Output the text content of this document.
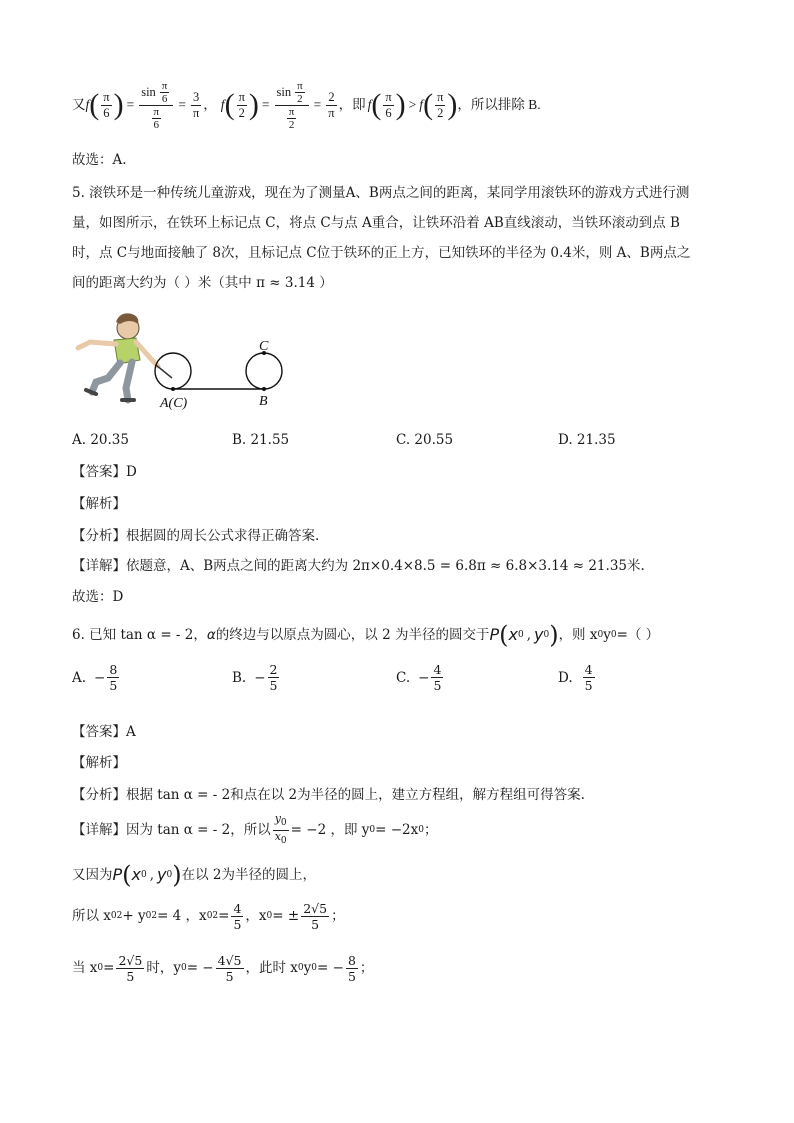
又 f ( $\frac{\pi}{6}$ ) = $\frac{\sin \frac{\pi}{6}}{\frac{\pi}{6}} = \frac{3}{\pi}$ ， f ( $\frac{\pi}{2}$ ) = $\frac{\sin \frac{\pi}{2}}{\frac{\pi}{2}} = \frac{2}{\pi}$ ，即 f ( $\frac{\pi}{6}$ ) > f ( $\frac{\pi}{2}$ ) ，所以排除 B.
故选：A.
5. 滚铁环是一种传统儿童游戏，现在为了测量A、B两点之间的距离，某同学用滚铁环的游戏方式进行测
量，如图所示，在铁环上标记点 C，将点 C与点 A重合，让铁环沿着 AB直线滚动，当铁环滚动到点 B
时，点 C与地面接触了 8次，且标记点 C位于铁环的正上方，已知铁环的半径为 0.4米，则 A、B两点之
间的距离大约为（ ）米（其中 π ≈ 3.14 ）
A(C)	B
C
A. 20.35	B. 21.55	C. 20.55	D. 21.35
【答案】D
【解析】
【分析】根据圆的周长公式求得正确答案.
【详解】依题意，A、B两点之间的距离大约为 2π×0.4×8.5 = 6.8π ≈ 6.8×3.14 ≈ 21.35米.
故选：D
6. 已知 tan α = - 2， α 的终边与以原点为圆心，以 2 为半径的圆交于 P ( x 0 , y 0 ) ，则 x 0 y 0 =（ ）
A. − $\frac{8}{5}$	B. − $\frac{2}{5}$	C. − $\frac{4}{5}$	D. $\frac{4}{5}$
【答案】A
【解析】
【分析】根据 tan α = - 2和点在以 2为半径的圆上，建立方程组，解方程组可得答案.
【详解】因为 tan α = - 2，所以 $\frac{y_0}{x_0} = -2$ ，即 y 0 = −2x 0 ；
又因为 P ( x 0 , y 0 ) 在以 2为半径的圆上，
所以 x 0 2 + y 0 2 = 4 ，x 0 $2 = \frac{4}{5}$ ，x 0 = ± $\frac{2√5}{5}$ ；
当 x $0 = \frac{2√5}{5}$ 时，y 0 = − $\frac{4√5}{5}$ ，此时 x 0 y 0 = − $\frac{8}{5}$ ；
